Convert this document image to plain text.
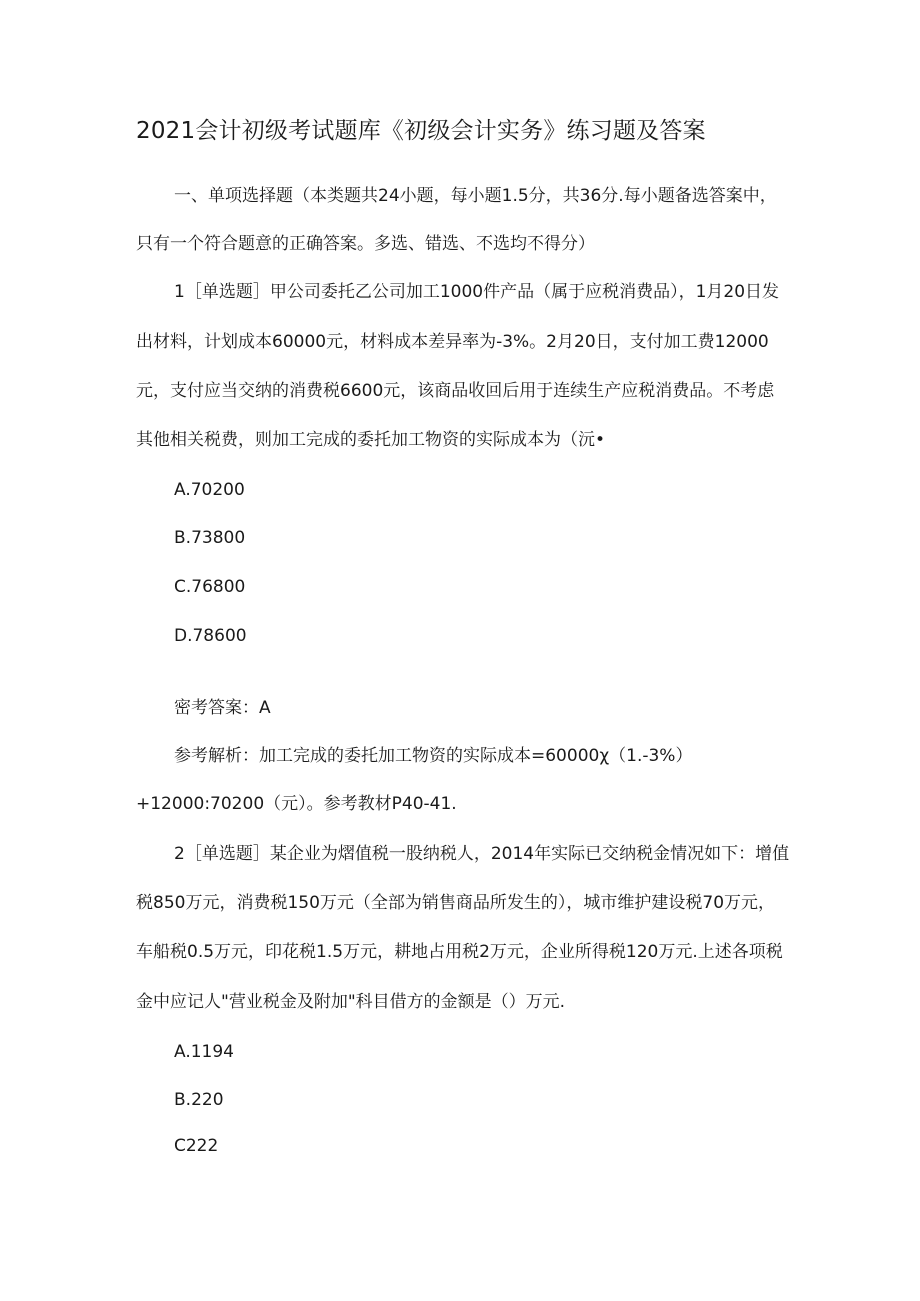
2021会计初级考试题库《初级会计实务》练习题及答案
一、单项选择题（本类题共24小题，每小题1.5分，共36分.每小题备选答案中，
只有一个符合题意的正确答案。多选、错选、不选均不得分）
1［单选题］甲公司委托乙公司加工1000件产品（属于应税消费品），1月20日发
出材料，计划成本60000元，材料成本差异率为-3%。2月20日，支付加工费12000
元，支付应当交纳的消费税6600元，该商品收回后用于连续生产应税消费品。不考虑
其他相关税费，则加工完成的委托加工物资的实际成本为（沅•
A.70200
B.73800
C.76800
D.78600
密考答案：A
参考解析：加工完成的委托加工物资的实际成本=60000χ（1.-3%）
+12000:70200（元）。参考教材P40-41.
2［单选题］某企业为熠值税一股纳税人，2014年实际已交纳税金情况如下：增值
税850万元，消费税150万元（全部为销售商品所发生的），城市维护建设税70万元，
车船税0.5万元，印花税1.5万元，耕地占用税2万元，企业所得税120万元.上述各项税
金中应记人"营业税金及附加"科目借方的金额是（）万元.
A.1194
B.220
C222
